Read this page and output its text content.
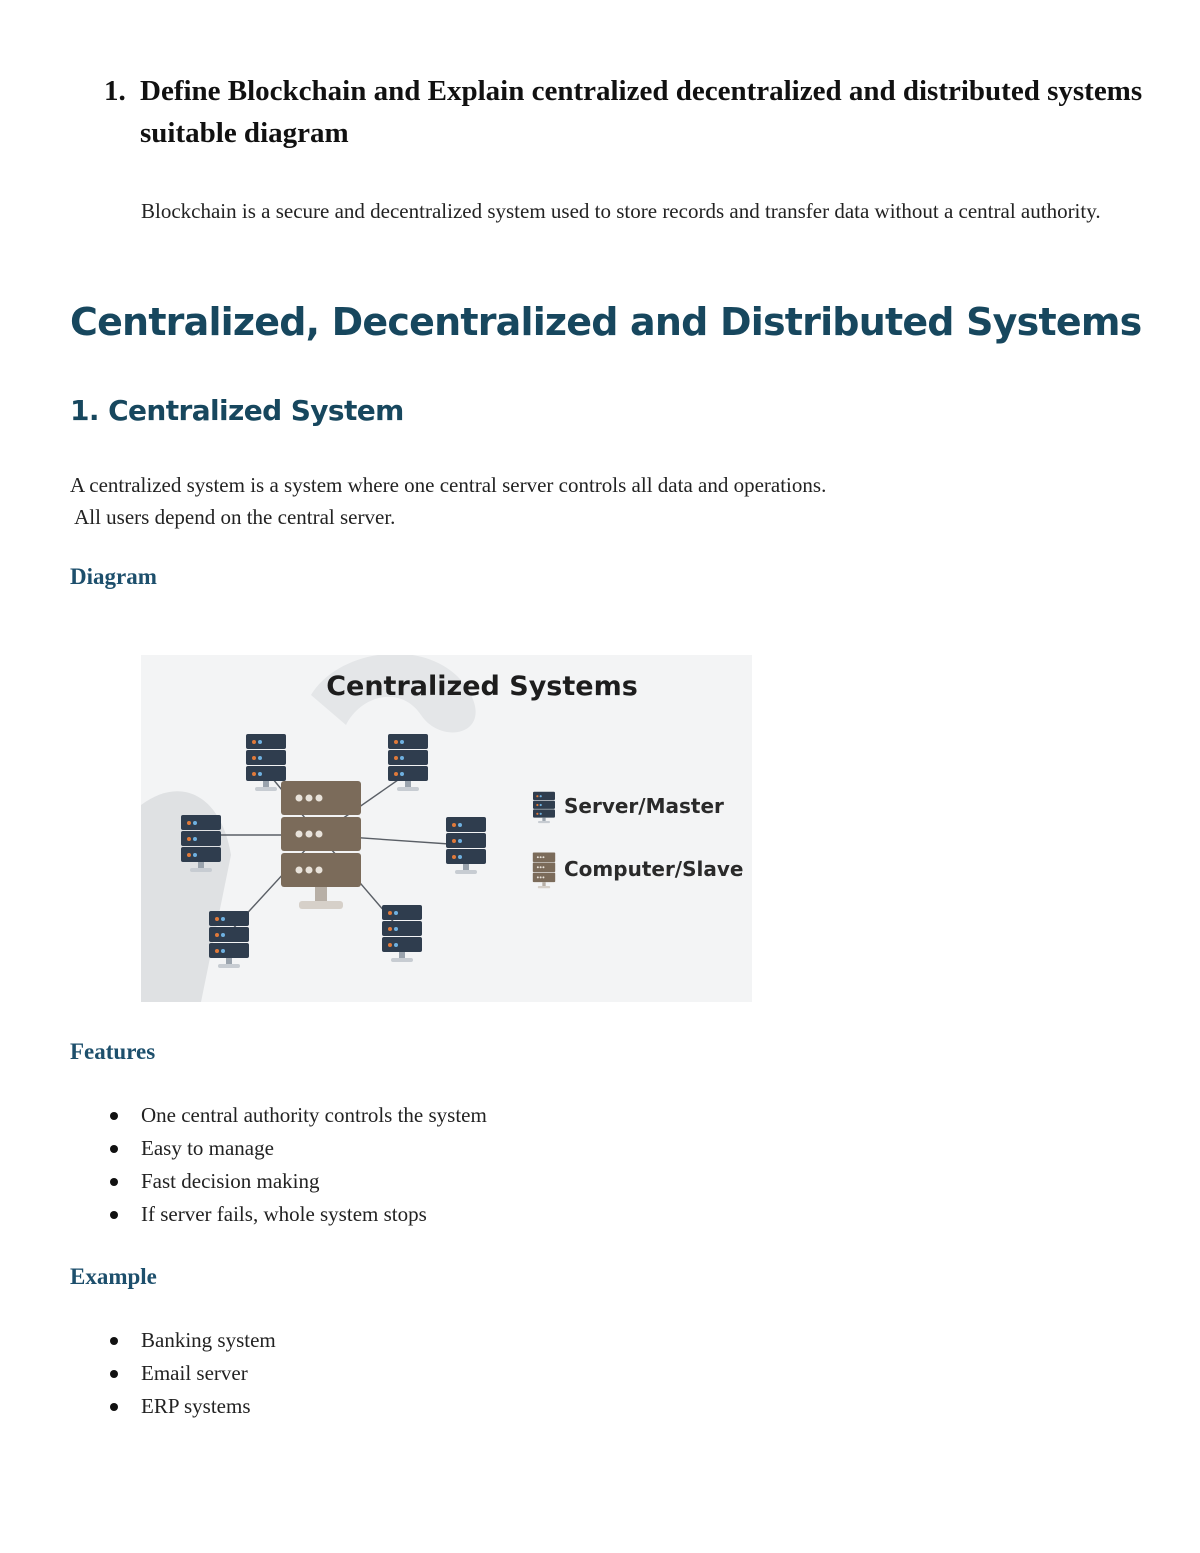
1. Define Blockchain and Explain centralized decentralized and distributed systems suitable diagram
Blockchain is a secure and decentralized system used to store records and transfer data without a central authority.
Centralized, Decentralized and Distributed Systems
1. Centralized System
A centralized system is a system where one central server controls all data and operations.
All users depend on the central server.
Diagram
Centralized Systems
Server/Master
Computer/Slave
Features
One central authority controls the system
Easy to manage
Fast decision making
If server fails, whole system stops
Example
Banking system
Email server
ERP systems
